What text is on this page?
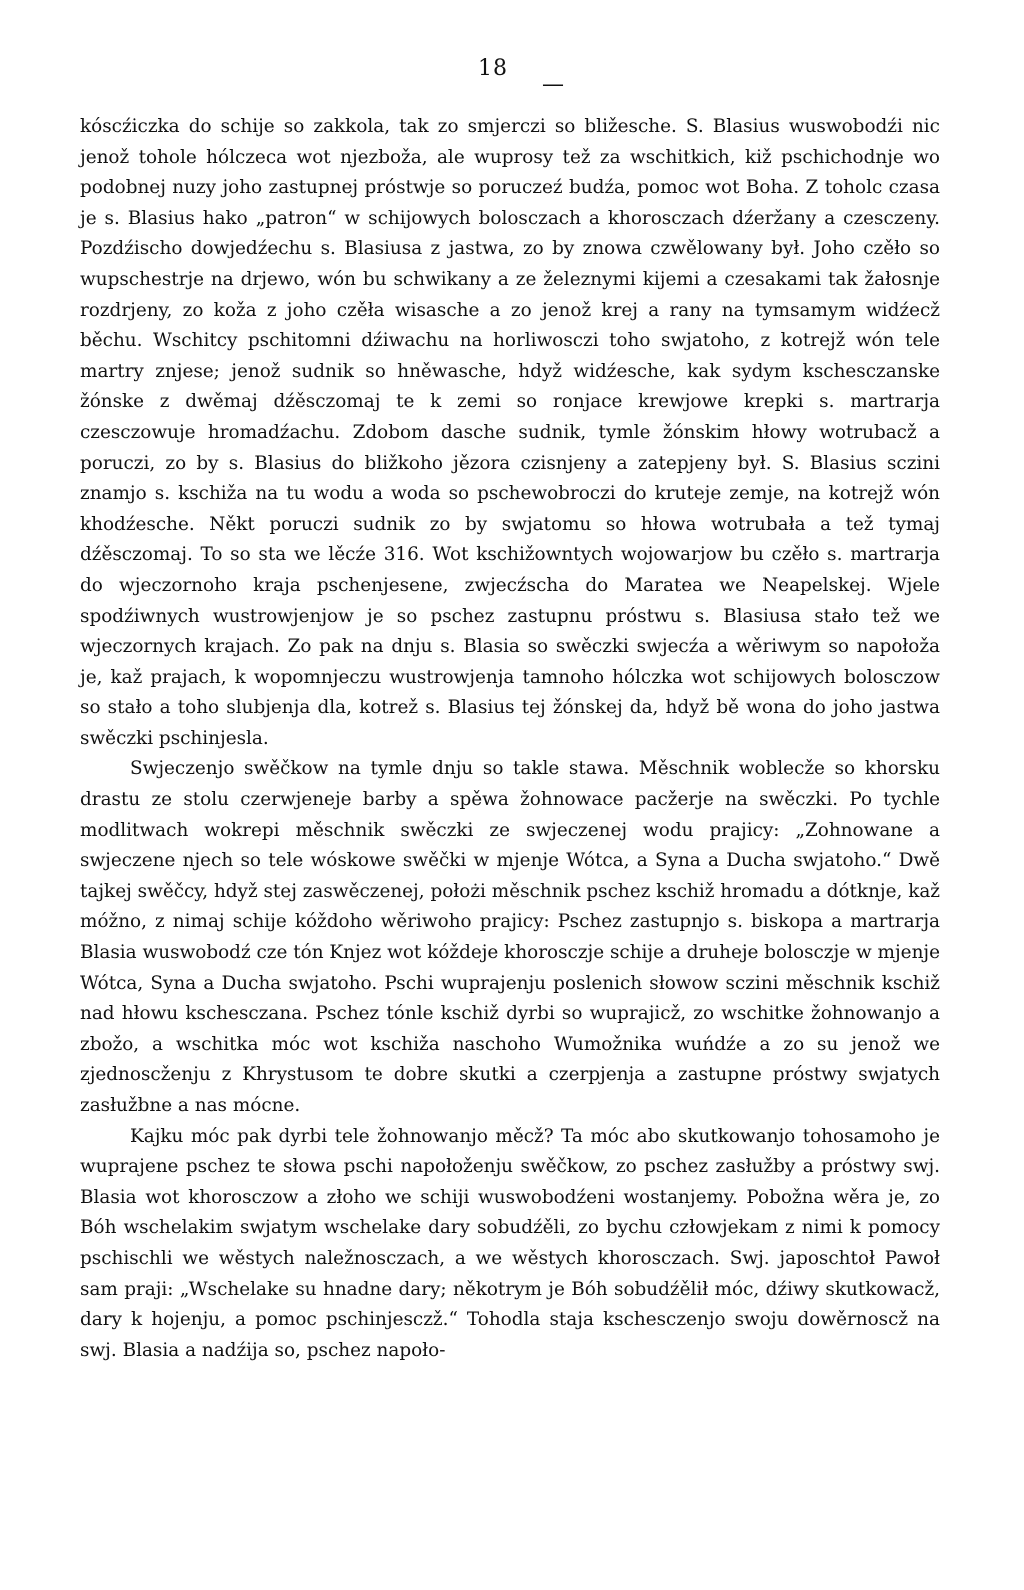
18
—

kóscźiczka do schije so zakkola, tak zo smjerczi so bližesche. S. Blasius wuswobodźi nic jenož tohole hólczeca wot njezboža, ale wuprosy tež za wschitkich, kiž pschichodnje wo podobnej nuzy joho zastupnej próstwje so poruczeź budźa, pomoc wot Boha. Z toholc czasa je s. Blasius hako „patron“ w schijowych bolosczach a khorosczach dźeržany a czesczeny. Pozdźischo dowjedźechu s. Blasiusa z jastwa, zo by znowa czwělowany był. Joho czěło so wupschestrje na drjewo, wón bu schwikany a ze železnymi kijemi a czesakami tak žałosnje rozdrjeny, zo koža z joho czěła wisasche a zo jenož krej a rany na tymsamym widźecž běchu. Wschitcy pschitomni dźiwachu na horliwosczi toho swjatoho, z kotrejž wón tele martry znjese; jenož sudnik so hněwasche, hdyž widźesche, kak sydym kschesczanske žónske z dwěmaj dźěsczomaj te k zemi so ronjace krewjowe krepki s. martrarja czesczowuje hromadźachu. Zdobom dasche sudnik, tymle žónskim hłowy wotrubacž a poruczi, zo by s. Blasius do bližkoho jězora czisnjeny a zatepjeny był. S. Blasius sczini znamjo s. kschiža na tu wodu a woda so pschewobroczi do kruteje zemje, na kotrejž wón khodźesche. Někt poruczi sudnik zo by swjatomu so hłowa wotrubała a tež tymaj dźěsczomaj. To so sta we lěcźe 316. Wot kschižowntych wojowarjow bu czěło s. martrarja do wjeczornoho kraja pschenjesene, zwjecźscha do Maratea we Neapelskej. Wjele spodźiwnych wustrowjenjow je so pschez zastupnu próstwu s. Blasiusa stało tež we wjeczornych krajach. Zo pak na dnju s. Blasia so swěczki swjecźa a wěriwym so napołoža je, kaž prajach, k wopomnjeczu wustrowjenja tamnoho hólczka wot schijowych bolosczow so stało a toho slubjenja dla, kotrež s. Blasius tej žónskej da, hdyž bě wona do joho jastwa swěczki pschinjesla.

Swjeczenjo swěčkow na tymle dnju so takle stawa. Měschnik woblecže so khorsku drastu ze stolu czerwjeneje barby a spěwa žohnowace pacžerje na swěczki. Po tychle modlitwach wokrepi měschnik swěczki ze swjeczenej wodu prajicy: „Zohnowane a swjeczene njech so tele wóskowe swěčki w mjenje Wótca, a Syna a Ducha swjatoho.“ Dwě tajkej swěčcy, hdyž stej zaswěczenej, położi měschnik pschez kschiž hromadu a dótknje, kaž móžno, z nimaj schije kóždoho wěriwoho prajicy: Pschez zastupnjo s. biskopa a martrarja Blasia wuswobodź cze tón Knjez wot kóždeje khorosczje schije a druheje bolosczje w mjenje Wótca, Syna a Ducha swjatoho. Pschi wuprajenju poslenich słowow sczini měschnik kschiž nad hłowu kschesczana. Pschez tónle kschiž dyrbi so wuprajicž, zo wschitke žohnowanjo a zbožo, a wschitka móc wot kschiža naschoho Wumožnika wuńdźe a zo su jenož we zjednoscženju z Khrystusom te dobre skutki a czerpjenja a zastupne próstwy swjatych zasłužbne a nas mócne.

Kajku móc pak dyrbi tele žohnowanjo měcž? Ta móc abo skutkowanjo tohosamoho je wuprajene pschez te słowa pschi napołoženju swěčkow, zo pschez zasłužby a próstwy swj. Blasia wot khorosczow a złoho we schiji wuswobodźeni wostanjemy. Pobožna wěra je, zo Bóh wschelakim swjatym wschelake dary sobudźěli, zo bychu człowjekam z nimi k pomocy pschischli we wěstych naležnosczach, a we wěstych khorosczach. Swj. japoschtoł Pawoł sam praji: „Wschelake su hnadne dary; někotrym je Bóh sobudźělił móc, dźiwy skutkowacž, dary k hojenju, a pomoc pschinjesczž.“ Tohodla staja kschesczenjo swoju dowěrnoscž na swj. Blasia a nadźija so, pschez napoło-
